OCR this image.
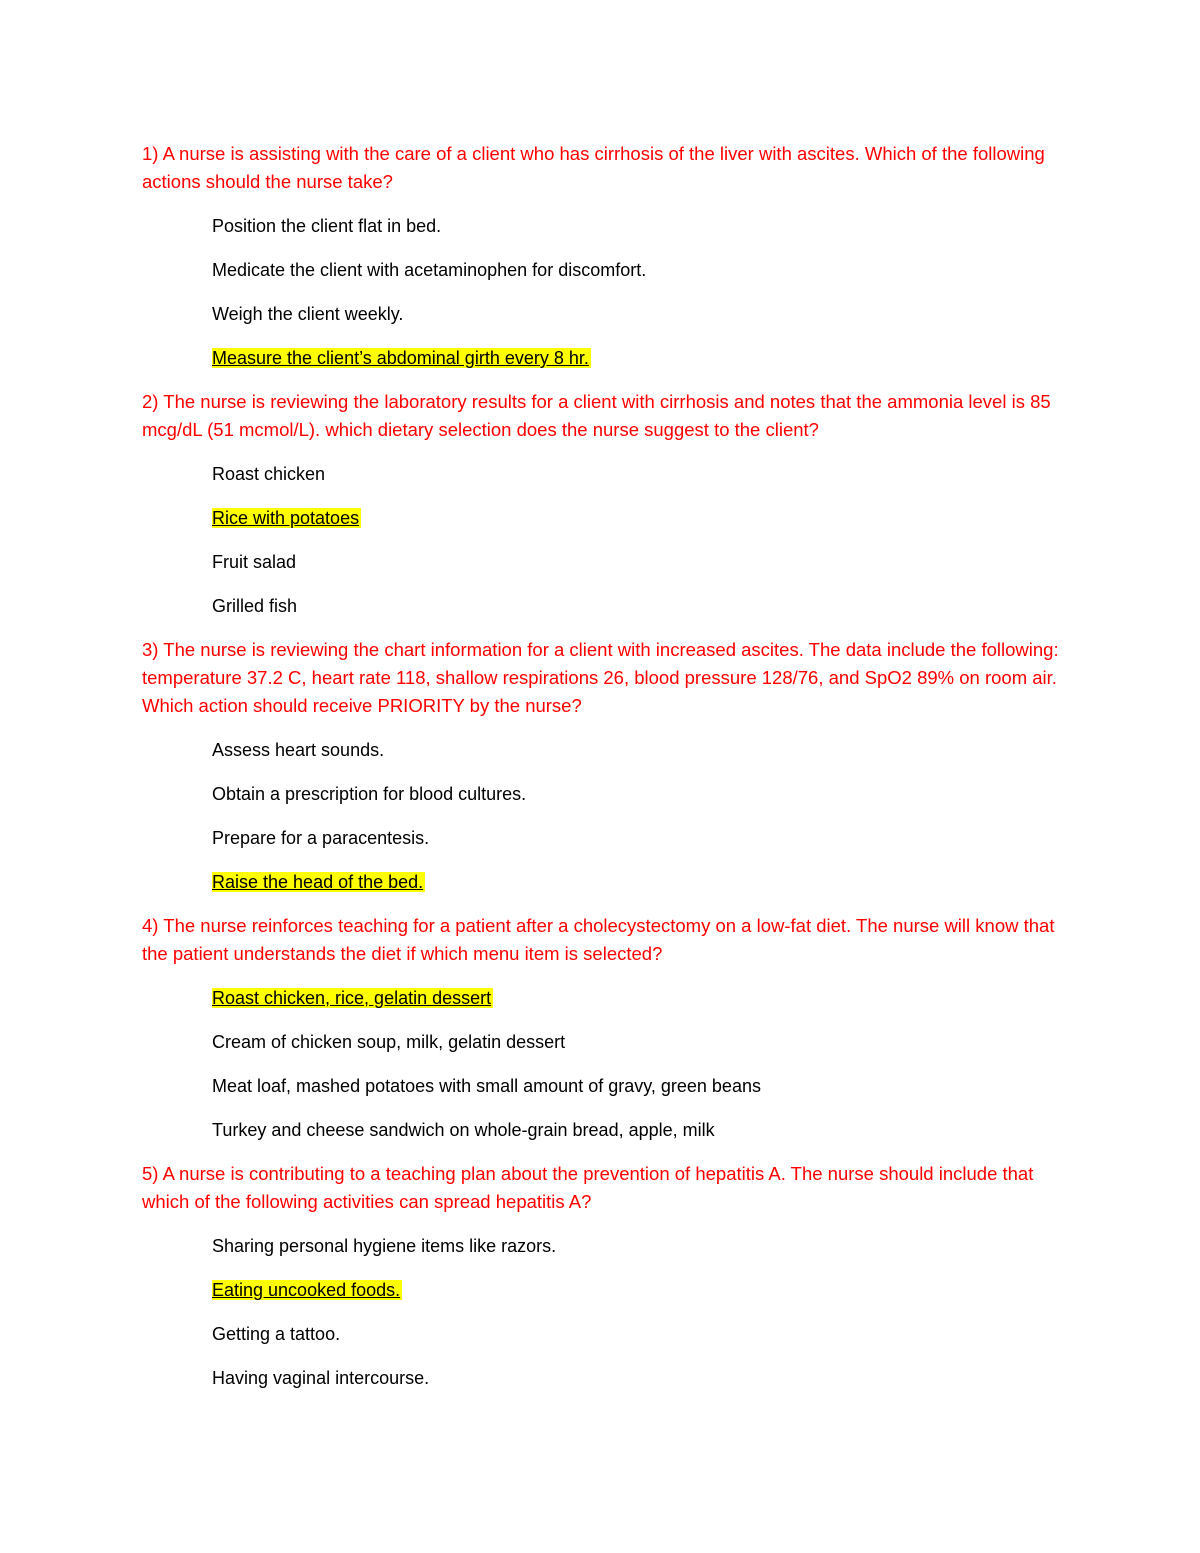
1) A nurse is assisting with the care of a client who has cirrhosis of the liver with ascites. Which of the following actions should the nurse take?

Position the client flat in bed.

Medicate the client with acetaminophen for discomfort.

Weigh the client weekly.

Measure the client’s abdominal girth every 8 hr.

2) The nurse is reviewing the laboratory results for a client with cirrhosis and notes that the ammonia level is 85 mcg/dL (51 mcmol/L). which dietary selection does the nurse suggest to the client?

Roast chicken

Rice with potatoes

Fruit salad

Grilled fish

3) The nurse is reviewing the chart information for a client with increased ascites. The data include the following: temperature 37.2 C, heart rate 118, shallow respirations 26, blood pressure 128/76, and SpO2 89% on room air. Which action should receive PRIORITY by the nurse?

Assess heart sounds.

Obtain a prescription for blood cultures.

Prepare for a paracentesis.

Raise the head of the bed.

4) The nurse reinforces teaching for a patient after a cholecystectomy on a low-fat diet. The nurse will know that the patient understands the diet if which menu item is selected?

Roast chicken, rice, gelatin dessert

Cream of chicken soup, milk, gelatin dessert

Meat loaf, mashed potatoes with small amount of gravy, green beans

Turkey and cheese sandwich on whole-grain bread, apple, milk

5) A nurse is contributing to a teaching plan about the prevention of hepatitis A. The nurse should include that which of the following activities can spread hepatitis A?

Sharing personal hygiene items like razors.

Eating uncooked foods.

Getting a tattoo.

Having vaginal intercourse.
